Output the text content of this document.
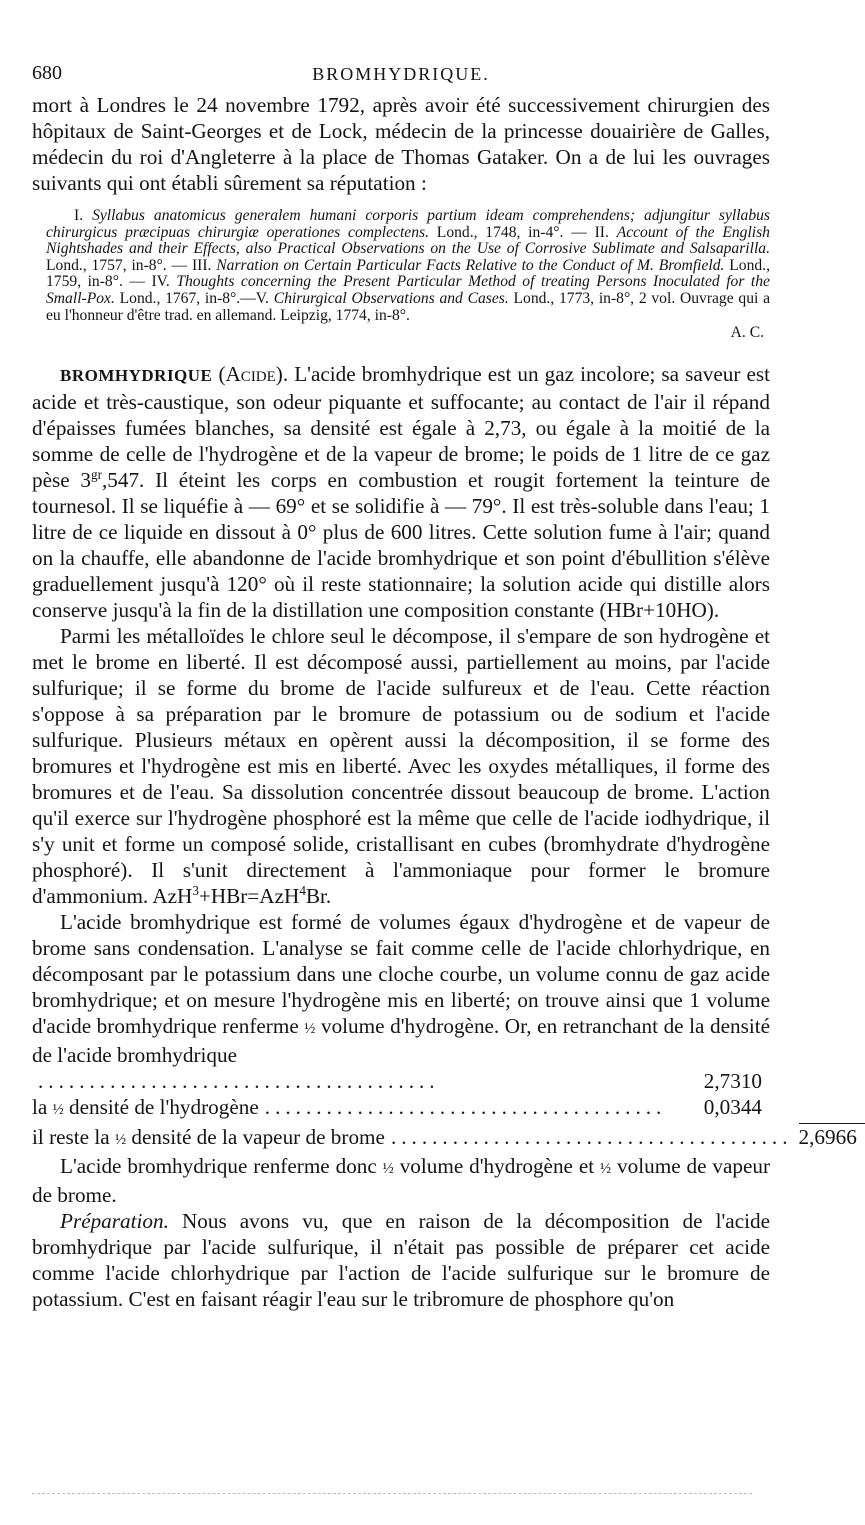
680	BROMHYDRIQUE.

mort à Londres le 24 novembre 1792, après avoir été successivement chirurgien des hôpitaux de Saint-Georges et de Lock, médecin de la princesse douairière de Galles, médecin du roi d'Angleterre à la place de Thomas Gataker. On a de lui les ouvrages suivants qui ont établi sûrement sa réputation :

I. Syllabus anatomicus generalem humani corporis partium ideam comprehendens; adjungitur syllabus chirurgicus præcipuas chirurgiæ operationes complectens. Lond., 1748, in-4°. — II. Account of the English Nightshades and their Effects, also Practical Observations on the Use of Corrosive Sublimate and Salsaparilla. Lond., 1757, in-8°. — III. Narration on Certain Particular Facts Relative to the Conduct of M. Bromfield. Lond., 1759, in-8°. — IV. Thoughts concerning the Present Particular Method of treating Persons Inoculated for the Small-Pox. Lond., 1767, in-8°.—V. Chirurgical Observations and Cases. Lond., 1773, in-8°, 2 vol. Ouvrage qui a eu l'honneur d'être trad. en allemand. Leipzig, 1774, in-8°.

A. C.

BROMHYDRIQUE (Acide). L'acide bromhydrique est un gaz incolore; sa saveur est acide et très-caustique, son odeur piquante et suffocante; au contact de l'air il répand d'épaisses fumées blanches, sa densité est égale à 2,73, ou égale à la moitié de la somme de celle de l'hydrogène et de la vapeur de brome; le poids de 1 litre de ce gaz pèse $3^{gr},547$. Il éteint les corps en combustion et rougit fortement la teinture de tournesol. Il se liquéfie à — 69° et se solidifie à — 79°. Il est très-soluble dans l'eau; 1 litre de ce liquide en dissout à 0° plus de 600 litres. Cette solution fume à l'air; quand on la chauffe, elle abandonne de l'acide bromhydrique et son point d'ébullition s'élève graduellement jusqu'à 120° où il reste stationnaire; la solution acide qui distille alors conserve jusqu'à la fin de la distillation une composition constante (HBr+10HO).

Parmi les métalloïdes le chlore seul le décompose, il s'empare de son hydrogène et met le brome en liberté. Il est décomposé aussi, partiellement au moins, par l'acide sulfurique; il se forme du brome de l'acide sulfureux et de l'eau. Cette réaction s'oppose à sa préparation par le bromure de potassium ou de sodium et l'acide sulfurique. Plusieurs métaux en opèrent aussi la décomposition, il se forme des bromures et l'hydrogène est mis en liberté. Avec les oxydes métalliques, il forme des bromures et de l'eau. Sa dissolution concentrée dissout beaucoup de brome. L'action qu'il exerce sur l'hydrogène phosphoré est la même que celle de l'acide iodhydrique, il s'y unit et forme un composé solide, cristallisant en cubes (bromhydrate d'hydrogène phosphoré). Il s'unit directement à l'ammoniaque pour former le bromure d'ammonium. AzH$^3$+HBr=AzH$^4$Br.

L'acide bromhydrique est formé de volumes égaux d'hydrogène et de vapeur de brome sans condensation. L'analyse se fait comme celle de l'acide chlorhydrique, en décomposant par le potassium dans une cloche courbe, un volume connu de gaz acide bromhydrique; et on mesure l'hydrogène mis en liberté; on trouve ainsi que 1 volume d'acide bromhydrique renferme ½ volume d'hydrogène. Or, en retranchant de la densité de l'acide bromhydrique

.......................................	2,7310
la ½ densité de l'hydrogène .......................................	0,0344
il reste la ½ densité de la vapeur de brome ....................................... 2,6966

L'acide bromhydrique renferme donc ½ volume d'hydrogène et ½ volume de vapeur de brome.

Préparation. Nous avons vu, que en raison de la décomposition de l'acide bromhydrique par l'acide sulfurique, il n'était pas possible de préparer cet acide comme l'acide chlorhydrique par l'action de l'acide sulfurique sur le bromure de potassium. C'est en faisant réagir l'eau sur le tribromure de phosphore qu'on
